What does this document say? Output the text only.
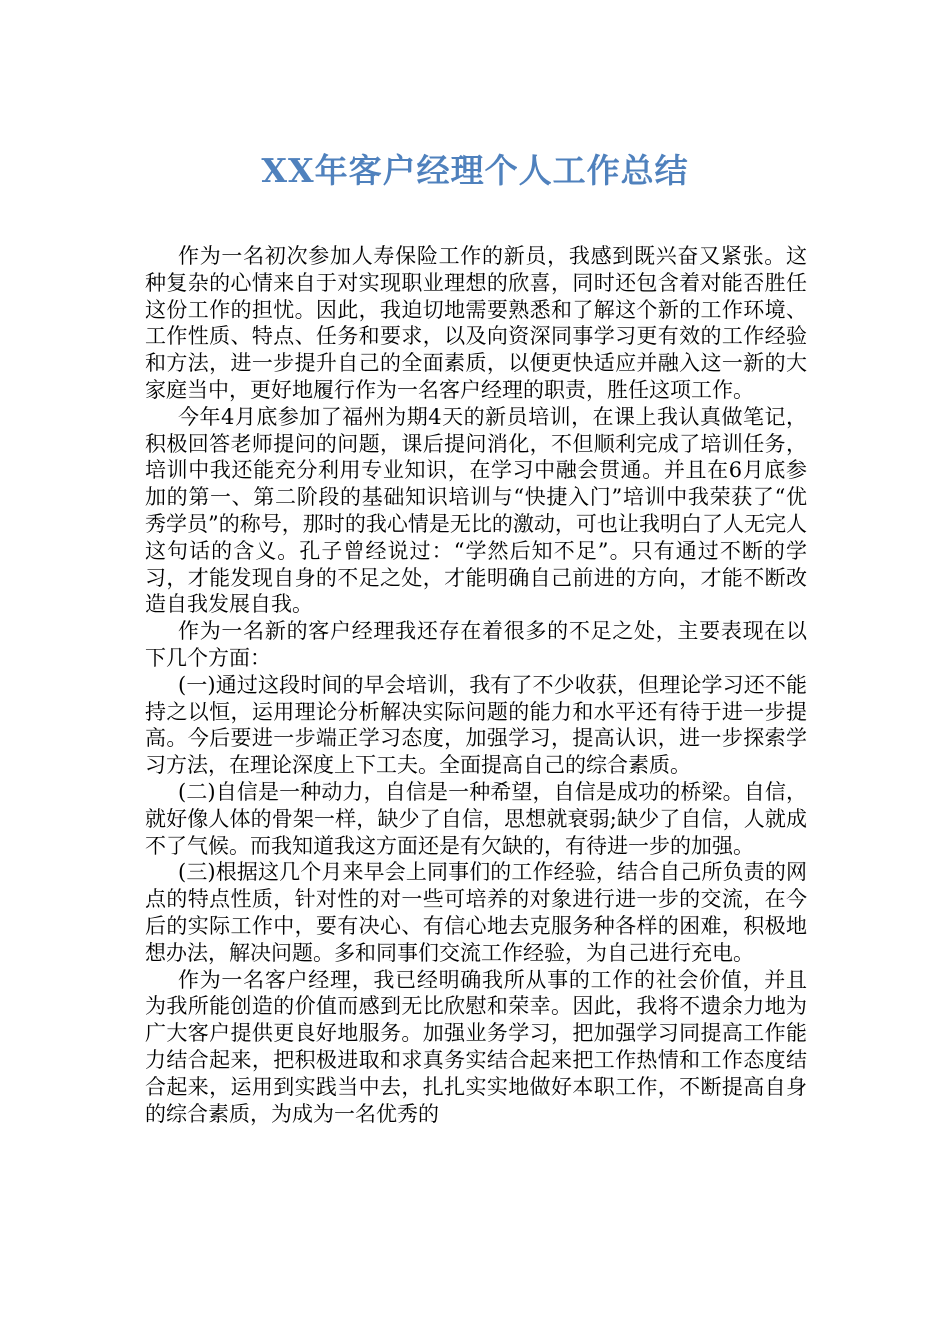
XX年客户经理个人工作总结

作为一名初次参加人寿保险工作的新员，我感到既兴奋又紧张。这种复杂的心情来自于对实现职业理想的欣喜，同时还包含着对能否胜任这份工作的担忧。因此，我迫切地需要熟悉和了解这个新的工作环境、工作性质、特点、任务和要求，以及向资深同事学习更有效的工作经验和方法，进一步提升自己的全面素质，以便更快适应并融入这一新的大家庭当中，更好地履行作为一名客户经理的职责，胜任这项工作。

今年4月底参加了福州为期4天的新员培训，在课上我认真做笔记，积极回答老师提问的问题，课后提问消化，不但顺利完成了培训任务，培训中我还能充分利用专业知识，在学习中融会贯通。并且在6月底参加的第一、第二阶段的基础知识培训与“快捷入门”培训中我荣获了“优秀学员”的称号，那时的我心情是无比的激动，可也让我明白了人无完人这句话的含义。孔子曾经说过：“学然后知不足”。只有通过不断的学习，才能发现自身的不足之处，才能明确自己前进的方向，才能不断改造自我发展自我。

作为一名新的客户经理我还存在着很多的不足之处，主要表现在以下几个方面：

(一)通过这段时间的早会培训，我有了不少收获，但理论学习还不能持之以恒，运用理论分析解决实际问题的能力和水平还有待于进一步提高。今后要进一步端正学习态度，加强学习，提高认识，进一步探索学习方法，在理论深度上下工夫。全面提高自己的综合素质。

(二)自信是一种动力，自信是一种希望，自信是成功的桥梁。自信，就好像人体的骨架一样，缺少了自信，思想就衰弱;缺少了自信，人就成不了气候。而我知道我这方面还是有欠缺的，有待进一步的加强。

(三)根据这几个月来早会上同事们的工作经验，结合自己所负责的网点的特点性质，针对性的对一些可培养的对象进行进一步的交流，在今后的实际工作中，要有决心、有信心地去克服务种各样的困难，积极地想办法，解决问题。多和同事们交流工作经验，为自己进行充电。

作为一名客户经理，我已经明确我所从事的工作的社会价值，并且为我所能创造的价值而感到无比欣慰和荣幸。因此，我将不遗余力地为广大客户提供更良好地服务。加强业务学习，把加强学习同提高工作能力结合起来，把积极进取和求真务实结合起来把工作热情和工作态度结合起来，运用到实践当中去，扎扎实实地做好本职工作，不断提高自身的综合素质，为成为一名优秀的
